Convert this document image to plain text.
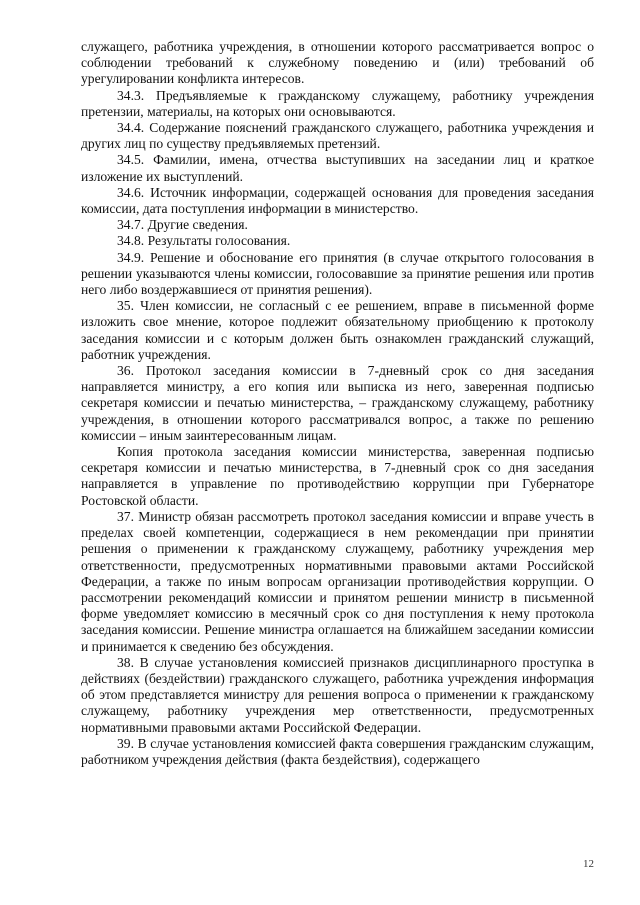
служащего, работника учреждения, в отношении которого рассматривается вопрос о соблюдении требований к служебному поведению и (или) требований об урегулировании конфликта интересов.

34.3. Предъявляемые к гражданскому служащему, работнику учреждения претензии, материалы, на которых они основываются.

34.4. Содержание пояснений гражданского служащего, работника учреждения и других лиц по существу предъявляемых претензий.

34.5. Фамилии, имена, отчества выступивших на заседании лиц и краткое изложение их выступлений.

34.6. Источник информации, содержащей основания для проведения заседания комиссии, дата поступления информации в министерство.

34.7. Другие сведения.

34.8. Результаты голосования.

34.9. Решение и обоснование его принятия (в случае открытого голосования в решении указываются члены комиссии, голосовавшие за принятие решения или против него либо воздержавшиеся от принятия решения).

35. Член комиссии, не согласный с ее решением, вправе в письменной форме изложить свое мнение, которое подлежит обязательному приобщению к протоколу заседания комиссии и с которым должен быть ознакомлен гражданский служащий, работник учреждения.

36. Протокол заседания комиссии в 7-дневный срок со дня заседания направляется министру, а его копия или выписка из него, заверенная подписью секретаря комиссии и печатью министерства, – гражданскому служащему, работнику учреждения, в отношении которого рассматривался вопрос, а также по решению комиссии – иным заинтересованным лицам.

Копия протокола заседания комиссии министерства, заверенная подписью секретаря комиссии и печатью министерства, в 7-дневный срок со дня заседания направляется в управление по противодействию коррупции при Губернаторе Ростовской области.

37. Министр обязан рассмотреть протокол заседания комиссии и вправе учесть в пределах своей компетенции, содержащиеся в нем рекомендации при принятии решения о применении к гражданскому служащему, работнику учреждения мер ответственности, предусмотренных нормативными правовыми актами Российской Федерации, а также по иным вопросам организации противодействия коррупции. О рассмотрении рекомендаций комиссии и принятом решении министр в письменной форме уведомляет комиссию в месячный срок со дня поступления к нему протокола заседания комиссии. Решение министра оглашается на ближайшем заседании комиссии и принимается к сведению без обсуждения.

38. В случае установления комиссией признаков дисциплинарного проступка в действиях (бездействии) гражданского служащего, работника учреждения информация об этом представляется министру для решения вопроса о применении к гражданскому служащему, работнику учреждения мер ответственности, предусмотренных нормативными правовыми актами Российской Федерации.

39. В случае установления комиссией факта совершения гражданским служащим, работником учреждения действия (факта бездействия), содержащего

12
